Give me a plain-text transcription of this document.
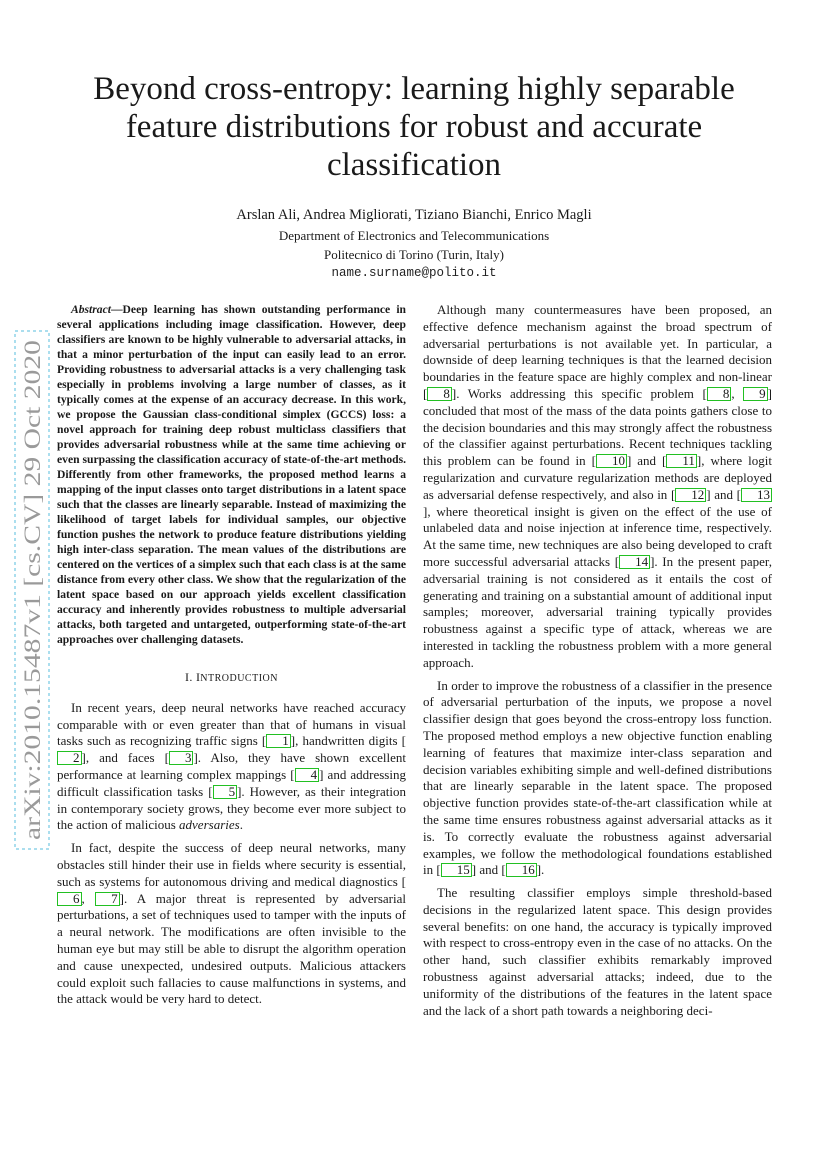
arXiv:2010.15487v1 [cs.CV] 29 Oct 2020
Beyond cross-entropy: learning highly separable feature distributions for robust and accurate classification
Arslan Ali, Andrea Migliorati, Tiziano Bianchi, Enrico Magli
Department of Electronics and Telecommunications
Politecnico di Torino (Turin, Italy)
name.surname@polito.it

Abstract—Deep learning has shown outstanding performance in several applications including image classification. However, deep classifiers are known to be highly vulnerable to adversarial attacks, in that a minor perturbation of the input can easily lead to an error. Providing robustness to adversarial attacks is a very challenging task especially in problems involving a large number of classes, as it typically comes at the expense of an accuracy decrease. In this work, we propose the Gaussian class-conditional simplex (GCCS) loss: a novel approach for training deep robust multiclass classifiers that provides adversarial robustness while at the same time achieving or even surpassing the classification accuracy of state-of-the-art methods. Differently from other frameworks, the proposed method learns a mapping of the input classes onto target distributions in a latent space such that the classes are linearly separable. Instead of maximizing the likelihood of target labels for individual samples, our objective function pushes the network to produce feature distributions yielding high inter-class separation. The mean values of the distributions are centered on the vertices of a simplex such that each class is at the same distance from every other class. We show that the regularization of the latent space based on our approach yields excellent classification accuracy and inherently provides robustness to multiple adversarial attacks, both targeted and untargeted, outperforming state-of-the-art approaches over challenging datasets.

I. INTRODUCTION

In recent years, deep neural networks have reached accuracy comparable with or even greater than that of humans in visual tasks such as recognizing traffic signs [ 1 ], handwritten digits [2 ], and faces [ 3 ]. Also, they have shown excellent performance at learning complex mappings [ 4 ] and addressing difficult classification tasks [ 5 ]. However, as their integration in contemporary society grows, they become ever more subject to the action of malicious adversaries.

In fact, despite the success of deep neural networks, many obstacles still hinder their use in fields where security is essential, such as systems for autonomous driving and medical diagnostics [6 , 7 ]. A major threat is represented by adversarial perturbations, a set of techniques used to tamper with the inputs of a neural network. The modifications are often invisible to the human eye but may still be able to disrupt the algorithm operation and cause unexpected, undesired outputs. Malicious attackers could exploit such fallacies to cause malfunctions in systems, and the attack would be very hard to detect.

Although many countermeasures have been proposed, an effective defence mechanism against the broad spectrum of adversarial perturbations is not available yet. In particular, a downside of deep learning techniques is that the learned decision boundaries in the feature space are highly complex and non-linear [ 8 ]. Works addressing this specific problem [ 8 , 9 ] concluded that most of the mass of the data points gathers close to the decision boundaries and this may strongly affect the robustness of the classifier against perturbations. Recent techniques tackling this problem can be found in [ 10 ] and [ 11 ], where logit regularization and curvature regularization methods are deployed as adversarial defense respectively, and also in [ 12 ] and [ 13], where theoretical insight is given on the effect of the use of unlabeled data and noise injection at inference time, respectively. At the same time, new techniques are also being developed to craft more successful adversarial attacks [ 14 ]. In the present paper, adversarial training is not considered as it entails the cost of generating and training on a substantial amount of additional input samples; moreover, adversarial training typically provides robustness against a specific type of attack, whereas we are interested in tackling the robustness problem with a more general approach.

In order to improve the robustness of a classifier in the presence of adversarial perturbation of the inputs, we propose a novel classifier design that goes beyond the cross-entropy loss function. The proposed method employs a new objective function enabling learning of features that maximize inter-class separation and decision variables exhibiting simple and well-defined distributions that are linearly separable in the latent space. The proposed objective function provides state-of-the-art classification while at the same time ensures robustness against adversarial attacks as it is. To correctly evaluate the robustness against adversarial examples, we follow the methodological foundations established in [ 15 ] and [ 16 ].

The resulting classifier employs simple threshold-based decisions in the regularized latent space. This design provides several benefits: on one hand, the accuracy is typically improved with respect to cross-entropy even in the case of no attacks. On the other hand, such classifier exhibits remarkably improved robustness against adversarial attacks; indeed, due to the uniformity of the distributions of the features in the latent space and the lack of a short path towards a neighboring deci-
